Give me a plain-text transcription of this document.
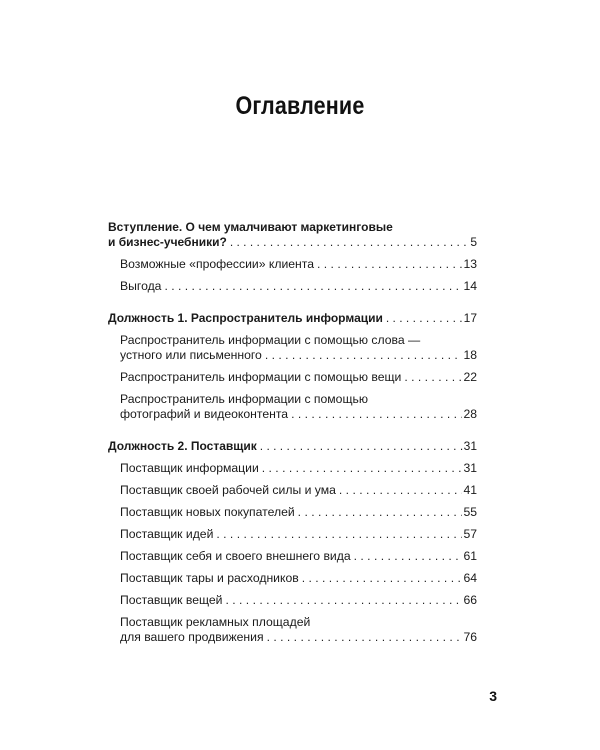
Оглавление
Вступление. О чем умалчивают маркетинговые
и бизнес-учебники? . . .	5
Возможные «профессии» клиента . . .	13
Выгода . . .	14
Должность 1. Распространитель информации . . .	17
Распространитель информации с помощью слова —
устного или письменного . . .	18
Распространитель информации с помощью вещи . . .	22
Распространитель информации с помощью
фотографий и видеоконтента . . .	28
Должность 2. Поставщик . . .	31
Поставщик информации . . .	31
Поставщик своей рабочей силы и ума . . .	41
Поставщик новых покупателей . . .	55
Поставщик идей . . .	57
Поставщик себя и своего внешнего вида . . .	61
Поставщик тары и расходников . . .	64
Поставщик вещей . . .	66
Поставщик рекламных площадей
для вашего продвижения . . .	76
3
